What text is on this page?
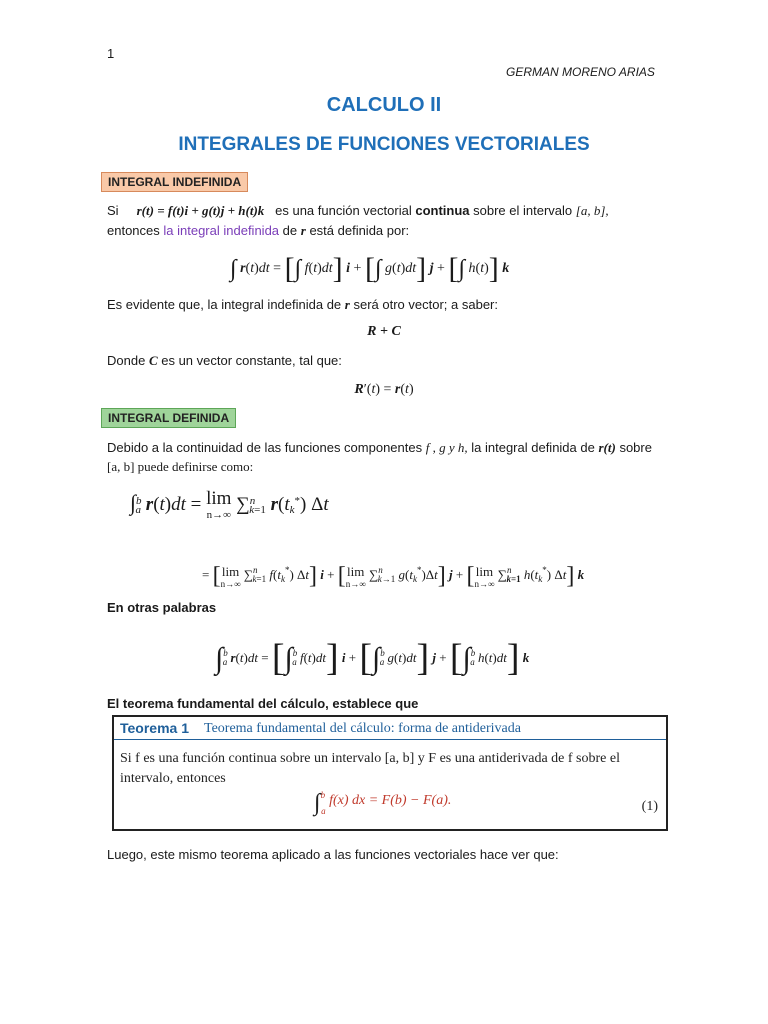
1
GERMAN MORENO ARIAS
CALCULO II
INTEGRALES DE FUNCIONES VECTORIALES
INTEGRAL INDEFINIDA
Si r(t) = f(t)i + g(t)j + h(t)k es una función vectorial continua sobre el intervalo [a, b],
entonces la integral indefinida de r está definida por:
∫ r(t)dt = [∫ f(t)dt] i + [∫ g(t)dt] j + [∫ h(t)] k
Es evidente que, la integral indefinida de r será otro vector; a saber:
R + C
Donde C es un vector constante, tal que:
R′(t) = r(t)
INTEGRAL DEFINIDA
Debido a la continuidad de las funciones componentes f , g y h, la integral definida de r(t) sobre
[a, b] puede definirse como:
∫$^b_a$ r(t)dt = lim
n→∞ ∑$^n_{k=1}$ $r(t_k^*)$ Δt
= [ lim
n→∞
∑$^n_{k=1}$ $f(t_k^*)$ Δt] i + [ lim
n→∞
∑$^n_{k\to 1}$ $g(t_k^*)\Delta t$] j + [ lim
n→∞
∑$^n_{k=1}$ $h(t_k^*)$ Δt] k
En otras palabras
∫$^b_a$ r(t)dt = [∫$^b_a$ f(t)dt] i + [∫$^b_a$ g(t)dt] j + [∫$^b_a$ h(t)dt] k
El teorema fundamental del cálculo, establece que
Teorema 1 Teorema fundamental del cálculo: forma de antiderivada
Si f es una función continua sobre un intervalo [a, b] y F es una antiderivada de f sobre el
intervalo, entonces
∫$^b_a$ f(x) dx = F(b) − F(a).	(1)
Luego, este mismo teorema aplicado a las funciones vectoriales hace ver que:
